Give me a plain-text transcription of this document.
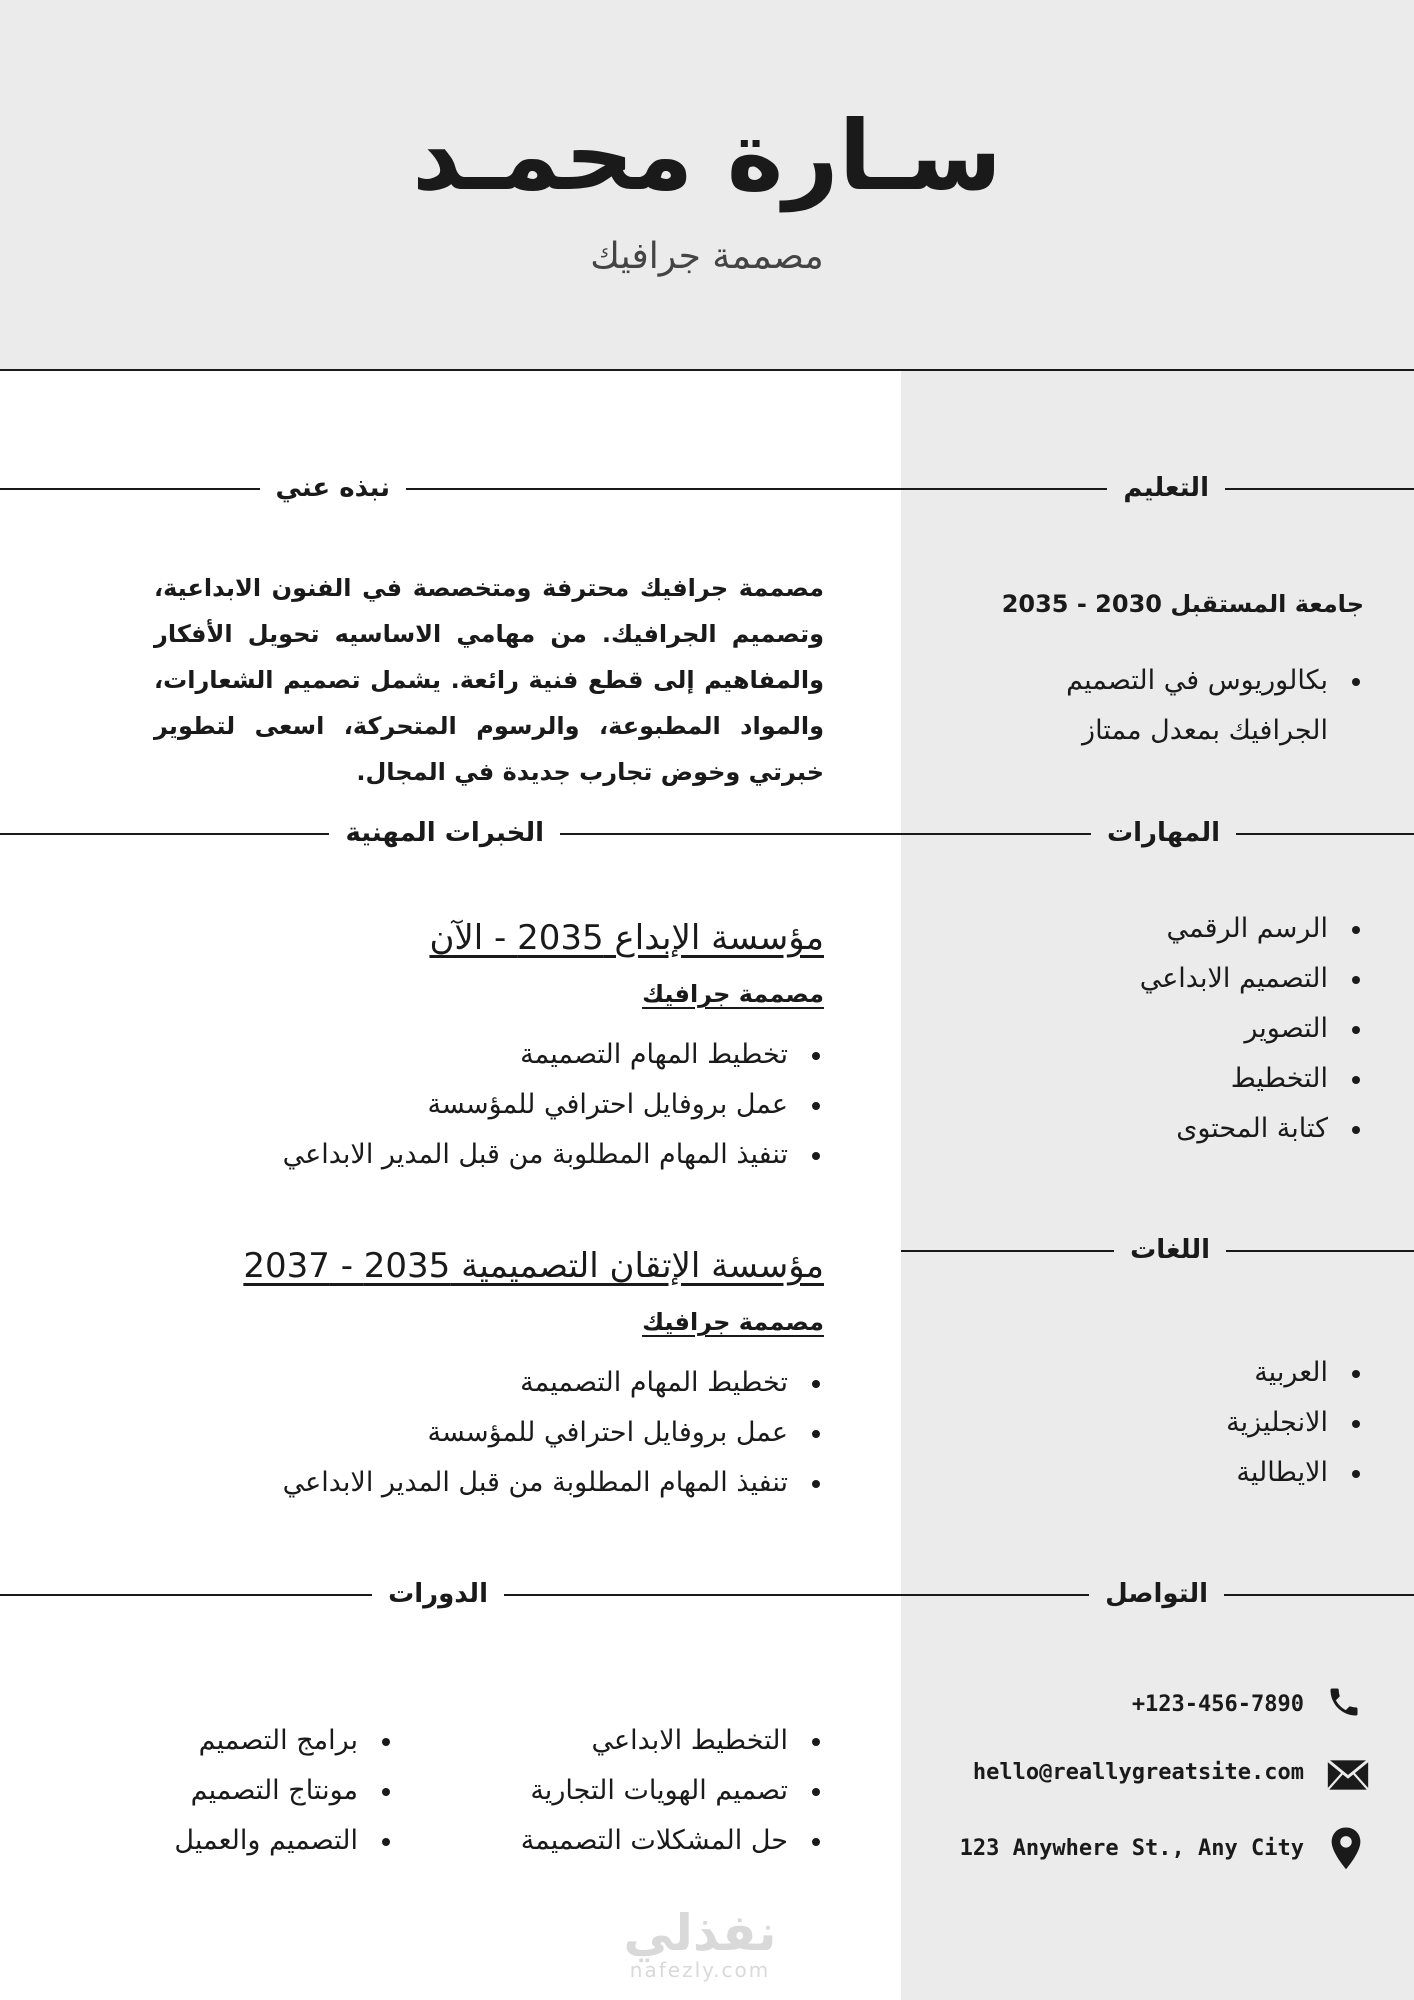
سـارة محمـد
مصممة جرافيك
نبذه عني	التعليم
جامعة المستقبل 2030 - 2035
بكالوريوس في التصميم
الجرافيك بمعدل ممتاز
مصممة جرافيك محترفة ومتخصصة في الفنون الابداعية، وتصميم الجرافيك. من مهامي الاساسيه تحويل الأفكار والمفاهيم إلى قطع فنية رائعة. يشمل تصميم الشعارات، والمواد المطبوعة، والرسوم المتحركة، اسعى لتطوير خبرتي وخوض تجارب جديدة في المجال.
الخبرات المهنية	المهارات
الرسم الرقمي
التصميم الابداعي
التصوير
التخطيط
كتابة المحتوى
مؤسسة الإبداع 2035 - الآن
مصممة جرافيك
تخطيط المهام التصميمة
عمل بروفايل احترافي للمؤسسة
تنفيذ المهام المطلوبة من قبل المدير الابداعي
اللغات
مؤسسة الإتقان التصميمية 2035 - 2037
مصممة جرافيك
تخطيط المهام التصميمة
عمل بروفايل احترافي للمؤسسة
تنفيذ المهام المطلوبة من قبل المدير الابداعي
العربية
الانجليزية
الايطالية
الدورات	التواصل
التخطيط الابداعي
تصميم الهويات التجارية
حل المشكلات التصميمة
برامج التصميم
مونتاج التصميم
التصميم والعميل
+123-456-7890
hello@reallygreatsite.com
123 Anywhere St., Any City
نفذلي
nafezly.com
